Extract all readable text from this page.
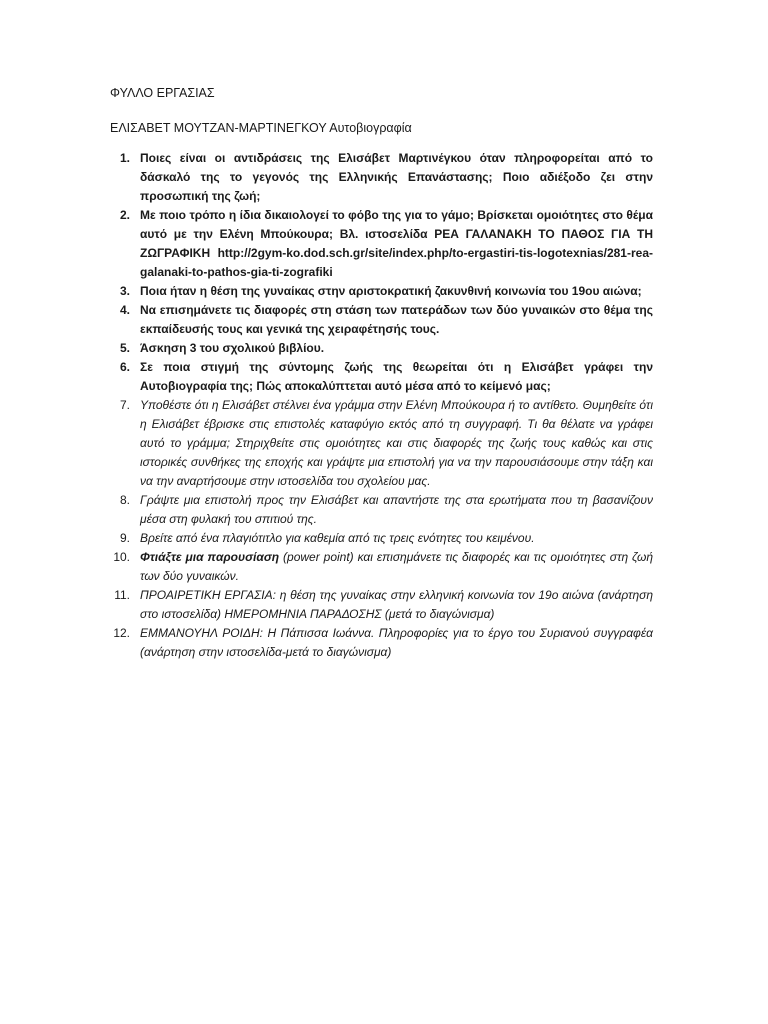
ΦΥΛΛΟ ΕΡΓΑΣΙΑΣ
ΕΛΙΣΑΒΕΤ ΜΟΥΤΖΑΝ-ΜΑΡΤΙΝΕΓΚΟΥ Αυτοβιογραφία
1. Ποιες είναι οι αντιδράσεις της Ελισάβετ Μαρτινέγκου όταν πληροφορείται από το δάσκαλό της το γεγονός της Ελληνικής Επανάστασης; Ποιο αδιέξοδο ζει στην προσωπική της ζωή;
2. Με ποιο τρόπο η ίδια δικαιολογεί το φόβο της για το γάμο; Βρίσκεται ομοιότητες στο θέμα αυτό με την Ελένη Μπούκουρα; Βλ. ιστοσελίδα ΡΕΑ ΓΑΛΑΝΑΚΗ ΤΟ ΠΑΘΟΣ ΓΙΑ ΤΗ ΖΩΓΡΑΦΙΚΗ http://2gym-ko.dod.sch.gr/site/index.php/to-ergastiri-tis-logotexnias/281-rea-galanaki-to-pathos-gia-ti-zografiki
3. Ποια ήταν η θέση της γυναίκας στην αριστοκρατική ζακυνθινή κοινωνία του 19ου αιώνα;
4. Να επισημάνετε τις διαφορές στη στάση των πατεράδων των δύο γυναικών στο θέμα της εκπαίδευσής τους και γενικά της χειραφέτησής τους.
5. Άσκηση 3 του σχολικού βιβλίου.
6. Σε ποια στιγμή της σύντομης ζωής της θεωρείται ότι η Ελισάβετ γράφει την Αυτοβιογραφία της; Πώς αποκαλύπτεται αυτό μέσα από το κείμενό μας;
7. Υποθέστε ότι η Ελισάβετ στέλνει ένα γράμμα στην Ελένη Μπούκουρα ή το αντίθετο. Θυμηθείτε ότι η Ελισάβετ έβρισκε στις επιστολές καταφύγιο εκτός από τη συγγραφή. Τι θα θέλατε να γράφει αυτό το γράμμα; Στηριχθείτε στις ομοιότητες και στις διαφορές της ζωής τους καθώς και στις ιστορικές συνθήκες της εποχής και γράψτε μια επιστολή για να την παρουσιάσουμε στην τάξη και να την αναρτήσουμε στην ιστοσελίδα του σχολείου μας.
8. Γράψτε μια επιστολή προς την Ελισάβετ και απαντήστε της στα ερωτήματα που τη βασανίζουν μέσα στη φυλακή του σπιτιού της.
9. Βρείτε από ένα πλαγιότιτλο για καθεμία από τις τρεις ενότητες του κειμένου.
10. Φτιάξτε μια παρουσίαση (power point) και επισημάνετε τις διαφορές και τις ομοιότητες στη ζωή των δύο γυναικών.
11. ΠΡΟΑΙΡΕΤΙΚΗ ΕΡΓΑΣΙΑ: η θέση της γυναίκας στην ελληνική κοινωνία τον 19ο αιώνα (ανάρτηση στο ιστοσελίδα) ΗΜΕΡΟΜΗΝΙΑ ΠΑΡΑΔΟΣΗΣ (μετά το διαγώνισμα)
12. ΕΜΜΑΝΟΥΗΛ ΡΟΙΔΗ: Η Πάπισσα Ιωάννα. Πληροφορίες για το έργο του Συριανού συγγραφέα (ανάρτηση στην ιστοσελίδα-μετά το διαγώνισμα)
